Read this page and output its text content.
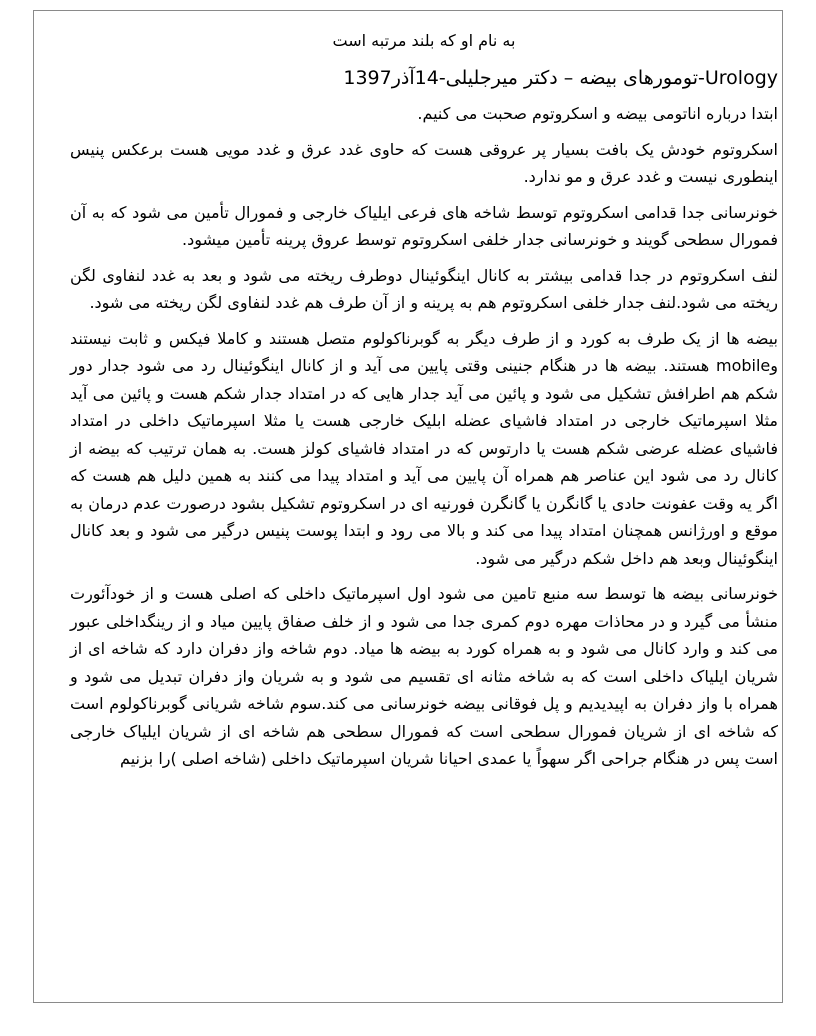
به نام او که بلند مرتبه است
Urology-تومورهای بیضه – دکتر میرجلیلی-14آذر1397

ابتدا درباره اناتومی بیضه و اسکروتوم صحبت می کنیم.

اسکروتوم خودش یک بافت بسیار پر عروقی هست که حاوی غدد عرق و غدد مویی هست برعکس پنیس اینطوری نیست و غدد عرق و مو ندارد.

خونرسانی جدا قدامی اسکروتوم توسط شاخه های فرعی ایلیاک خارجی و فمورال تأمین می شود که به آن فمورال سطحی گویند و خونرسانی جدار خلفی اسکروتوم توسط عروق پرینه تأمین میشود.

لنف اسکروتوم در جدا قدامی بیشتر به کانال اینگوئینال دوطرف ریخته می شود و بعد به غدد لنفاوی لگن ریخته می شود.لنف جدار خلفی اسکروتوم هم به پرینه و از آن طرف هم غدد لنفاوی لگن ریخته می شود.

بیضه ها از یک طرف به کورد و از طرف دیگر به گوبرناکولوم متصل هستند و کاملا فیکس و ثابت نیستند وmobile هستند. بیضه ها در هنگام جنینی وقتی پایین می آید و از کانال اینگوئینال رد می شود جدار دور شکم هم اطرافش تشکیل می شود و پائین می آید جدار هایی که در امتداد جدار شکم هست و پائین می آید مثلا اسپرماتیک خارجی در امتداد فاشیای عضله ابلیک خارجی هست یا مثلا اسپرماتیک داخلی در امتداد فاشیای عضله عرضی شکم هست یا دارتوس که در امتداد فاشیای کولز هست. به همان ترتیب که بیضه از کانال رد می شود این عناصر هم همراه آن پایین می آید و امتداد پیدا می کنند به همین دلیل هم هست که اگر یه وقت عفونت حادی یا گانگرن یا گانگرن فورنیه ای در اسکروتوم تشکیل بشود درصورت عدم درمان به موقع و اورژانس همچنان امتداد پیدا می کند و بالا می رود و ابتدا پوست پنیس درگیر می شود و بعد کانال اینگوئینال وبعد هم داخل شکم درگیر می شود.

خونرسانی بیضه ها توسط سه منبع تامین می شود اول اسپرماتیک داخلی که اصلی هست و از خودآئورت منشأ می گیرد و در محاذات مهره دوم کمری جدا می شود و از خلف صفاق پایین میاد و از رینگداخلی عبور می کند و وارد کانال می شود و به همراه کورد به بیضه ها میاد. دوم شاخه واز دفران دارد که شاخه ای از شریان ایلیاک داخلی است که به شاخه مثانه ای تقسیم می شود و به شریان واز دفران تبدیل می شود و همراه با واز دفران به اپیدیدیم و پل فوقانی بیضه خونرسانی می کند.سوم شاخه شریانی گوبرناکولوم است که شاخه ای از شریان فمورال سطحی است که فمورال سطحی هم شاخه ای از شریان ایلیاک خارجی است پس در هنگام جراحی اگر سهواً یا عمدی احیانا شریان اسپرماتیک داخلی (شاخه اصلی )را بزنیم
